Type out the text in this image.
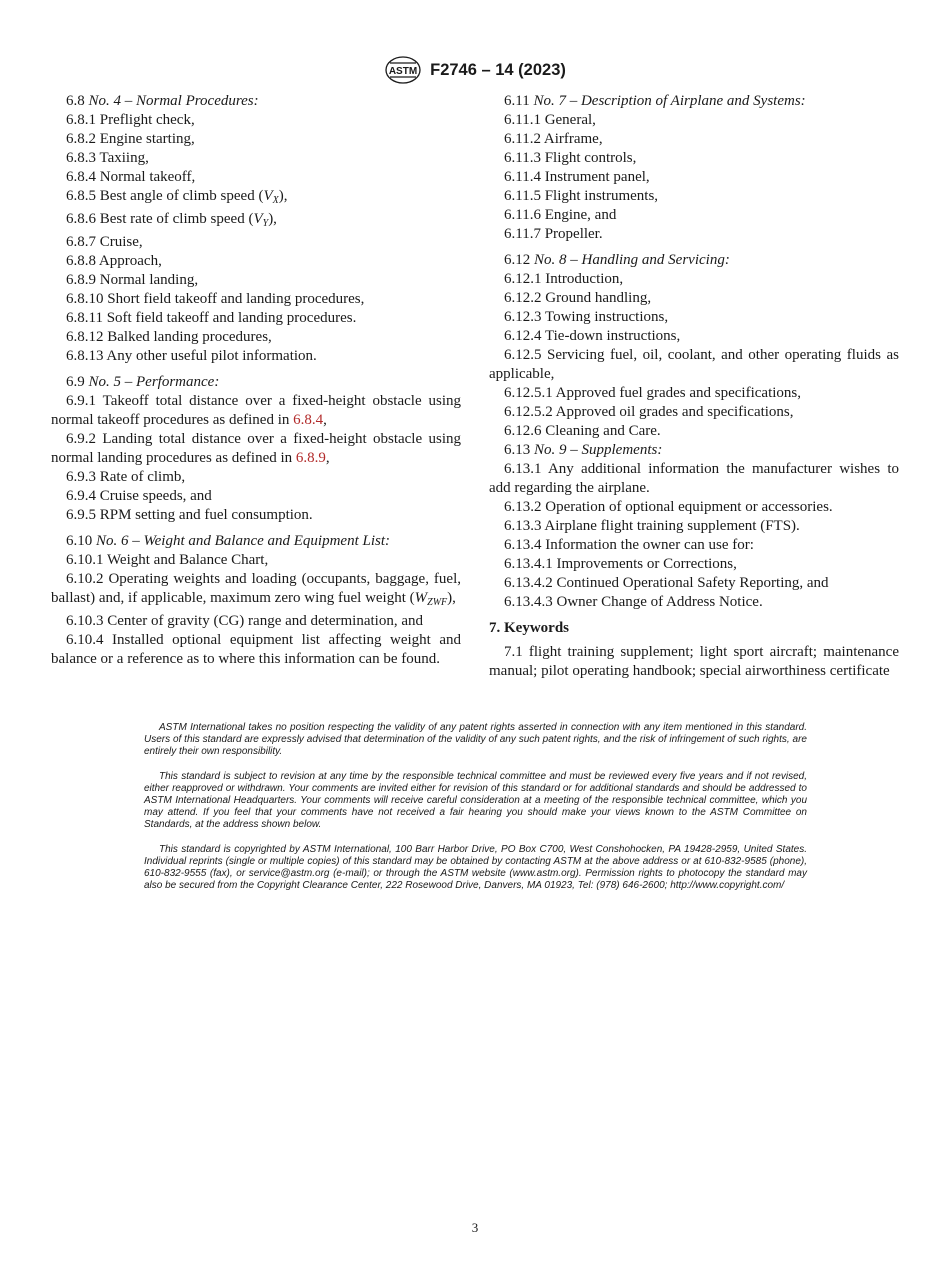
ASTM F2746 – 14 (2023)

6.8 No. 4 – Normal Procedures:

6.8.1 Preflight check,

6.8.2 Engine starting,

6.8.3 Taxiing,

6.8.4 Normal takeoff,

6.8.5 Best angle of climb speed $(V_X)$,

6.8.6 Best rate of climb speed $(V_Y)$,

6.8.7 Cruise,

6.8.8 Approach,

6.8.9 Normal landing,

6.8.10 Short field takeoff and landing procedures,

6.8.11 Soft field takeoff and landing procedures.

6.8.12 Balked landing procedures,

6.8.13 Any other useful pilot information.

6.9 No. 5 – Performance:

6.9.1 Takeoff total distance over a fixed-height obstacle using normal takeoff procedures as defined in 6.8.4,

6.9.2 Landing total distance over a fixed-height obstacle using normal landing procedures as defined in 6.8.9,

6.9.3 Rate of climb,

6.9.4 Cruise speeds, and

6.9.5 RPM setting and fuel consumption.

6.10 No. 6 – Weight and Balance and Equipment List:

6.10.1 Weight and Balance Chart,

6.10.2 Operating weights and loading (occupants, baggage, fuel, ballast) and, if applicable, maximum zero wing fuel weight $(W_{ZWF})$,

6.10.3 Center of gravity (CG) range and determination, and

6.10.4 Installed optional equipment list affecting weight and balance or a reference as to where this information can be found.

6.11 No. 7 – Description of Airplane and Systems:

6.11.1 General,

6.11.2 Airframe,

6.11.3 Flight controls,

6.11.4 Instrument panel,

6.11.5 Flight instruments,

6.11.6 Engine, and

6.11.7 Propeller.

6.12 No. 8 – Handling and Servicing:

6.12.1 Introduction,

6.12.2 Ground handling,

6.12.3 Towing instructions,

6.12.4 Tie-down instructions,

6.12.5 Servicing fuel, oil, coolant, and other operating fluids as applicable,

6.12.5.1 Approved fuel grades and specifications,

6.12.5.2 Approved oil grades and specifications,

6.12.6 Cleaning and Care.

6.13 No. 9 – Supplements:

6.13.1 Any additional information the manufacturer wishes to add regarding the airplane.

6.13.2 Operation of optional equipment or accessories.

6.13.3 Airplane flight training supplement (FTS).

6.13.4 Information the owner can use for:

6.13.4.1 Improvements or Corrections,

6.13.4.2 Continued Operational Safety Reporting, and

6.13.4.3 Owner Change of Address Notice.

7. Keywords

7.1 flight training supplement; light sport aircraft; maintenance manual; pilot operating handbook; special airworthiness certificate

ASTM International takes no position respecting the validity of any patent rights asserted in connection with any item mentioned in this standard. Users of this standard are expressly advised that determination of the validity of any such patent rights, and the risk of infringement of such rights, are entirely their own responsibility.

This standard is subject to revision at any time by the responsible technical committee and must be reviewed every five years and if not revised, either reapproved or withdrawn. Your comments are invited either for revision of this standard or for additional standards and should be addressed to ASTM International Headquarters. Your comments will receive careful consideration at a meeting of the responsible technical committee, which you may attend. If you feel that your comments have not received a fair hearing you should make your views known to the ASTM Committee on Standards, at the address shown below.

This standard is copyrighted by ASTM International, 100 Barr Harbor Drive, PO Box C700, West Conshohocken, PA 19428-2959, United States. Individual reprints (single or multiple copies) of this standard may be obtained by contacting ASTM at the above address or at 610-832-9585 (phone), 610-832-9555 (fax), or service@astm.org (e-mail); or through the ASTM website (www.astm.org). Permission rights to photocopy the standard may also be secured from the Copyright Clearance Center, 222 Rosewood Drive, Danvers, MA 01923, Tel: (978) 646-2600; http://www.copyright.com/

3
